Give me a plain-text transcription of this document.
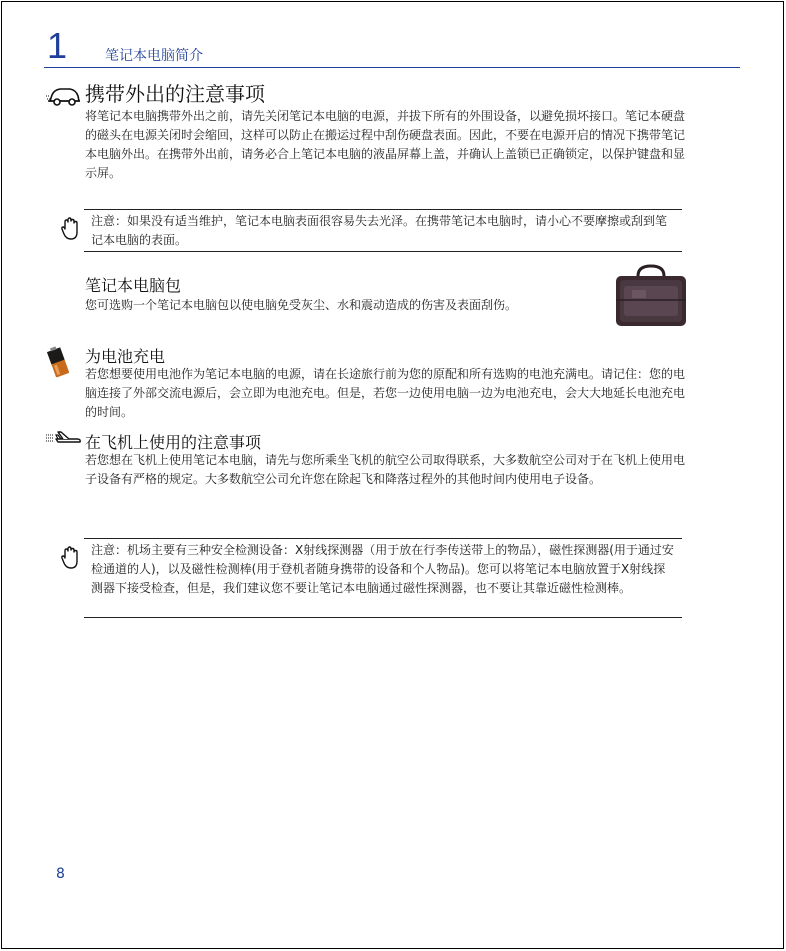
1	笔记本电脑简介
携带外出的注意事项

将笔记本电脑携带外出之前，请先关闭笔记本电脑的电源，并拔下所有的外围设备，以避免损坏接口。笔记本硬盘的磁头在电源关闭时会缩回，这样可以防止在搬运过程中刮伤硬盘表面。因此，不要在电源开启的情况下携带笔记本电脑外出。在携带外出前，请务必合上笔记本电脑的液晶屏幕上盖，并确认上盖锁已正确锁定，以保护键盘和显示屏。

注意：如果没有适当维护，笔记本电脑表面很容易失去光泽。在携带笔记本电脑时，请小心不要摩擦或刮到笔记本电脑的表面。
笔记本电脑包

您可选购一个笔记本电脑包以使电脑免受灰尘、水和震动造成的伤害及表面刮伤。

为电池充电

若您想要使用电池作为笔记本电脑的电源，请在长途旅行前为您的原配和所有选购的电池充满电。请记住：您的电脑连接了外部交流电源后，会立即为电池充电。但是，若您一边使用电脑一边为电池充电，会大大地延长电池充电的时间。

在飞机上使用的注意事项

若您想在飞机上使用笔记本电脑，请先与您所乘坐飞机的航空公司取得联系，大多数航空公司对于在飞机上使用电子设备有严格的规定。大多数航空公司允许您在除起飞和降落过程外的其他时间内使用电子设备。

注意：机场主要有三种安全检测设备：X射线探测器（用于放在行李传送带上的物品），磁性探测器(用于通过安检通道的人)，以及磁性检测棒(用于登机者随身携带的设备和个人物品)。您可以将笔记本电脑放置于X射线探测器下接受检查，但是，我们建议您不要让笔记本电脑通过磁性探测器，也不要让其靠近磁性检测棒。
8
